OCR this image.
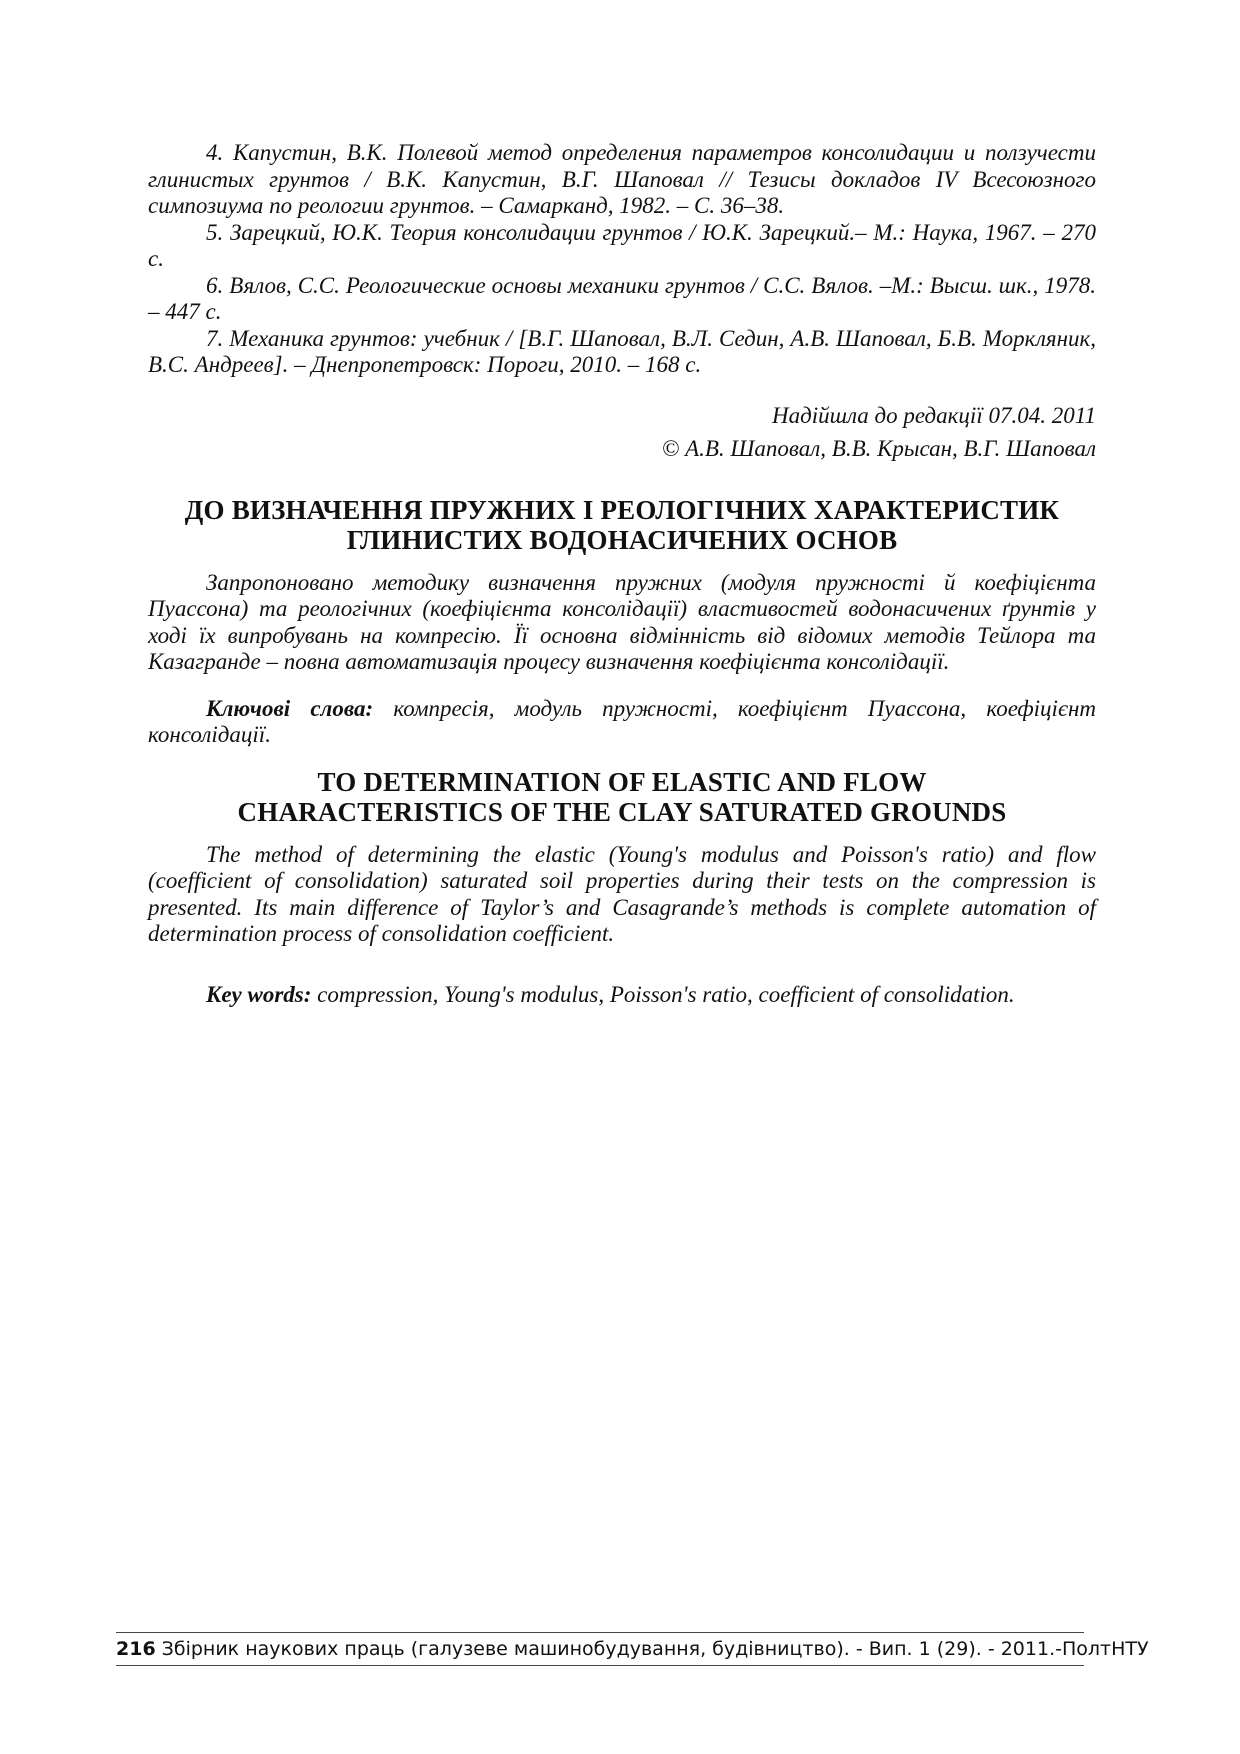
4. Капустин, В.К. Полевой метод определения параметров консолидации и ползучести глинистых грунтов / В.К. Капустин, В.Г. Шаповал // Тезисы докладов IV Всесоюзного симпозиума по реологии грунтов. – Самарканд, 1982. – С. 36–38.

5. Зарецкий, Ю.К. Теория консолидации грунтов / Ю.К. Зарецкий.– М.: Наука, 1967. – 270 с.

6. Вялов, С.С. Реологические основы механики грунтов / С.С. Вялов. –М.: Высш. шк., 1978. – 447 с.

7. Механика грунтов: учебник / [В.Г. Шаповал, В.Л. Седин, А.В. Шаповал, Б.В. Моркляник, В.С. Андреев]. – Днепропетровск: Пороги, 2010. – 168 с.

Надійшла до редакції 07.04. 2011
© А.В. Шаповал, В.В. Крысан, В.Г. Шаповал
ДО ВИЗНАЧЕННЯ ПРУЖНИХ І РЕОЛОГІЧНИХ ХАРАКТЕРИСТИК
ГЛИНИСТИХ ВОДОНАСИЧЕНИХ ОСНОВ

Запропоновано методику визначення пружних (модуля пружності й коефіцієнта Пуассона) та реологічних (коефіцієнта консолідації) властивостей водонасичених ґрунтів у ході їх випробувань на компресію. Її основна відмінність від відомих методів Тейлора та Казагранде – повна автоматизація процесу визначення коефіцієнта консолідації.

Ключові слова: компресія, модуль пружності, коефіцієнт Пуассона, коефіцієнт консолідації.

TO DETERMINATION OF ELASTIC AND FLOW
CHARACTERISTICS OF THE CLAY SATURATED GROUNDS

The method of determining the elastic (Young's modulus and Poisson's ratio) and flow (coefficient of consolidation) saturated soil properties during their tests on the compression is presented. Its main difference of Taylor’s and Casagrande’s methods is complete automation of determination process of consolidation coefficient.

Key words: compression, Young's modulus, Poisson's ratio, coefficient of consolidation.

216 Збірник наукових праць (галузеве машинобудування, будівництво). - Вип. 1 (29). - 2011.-ПолтНТУ
